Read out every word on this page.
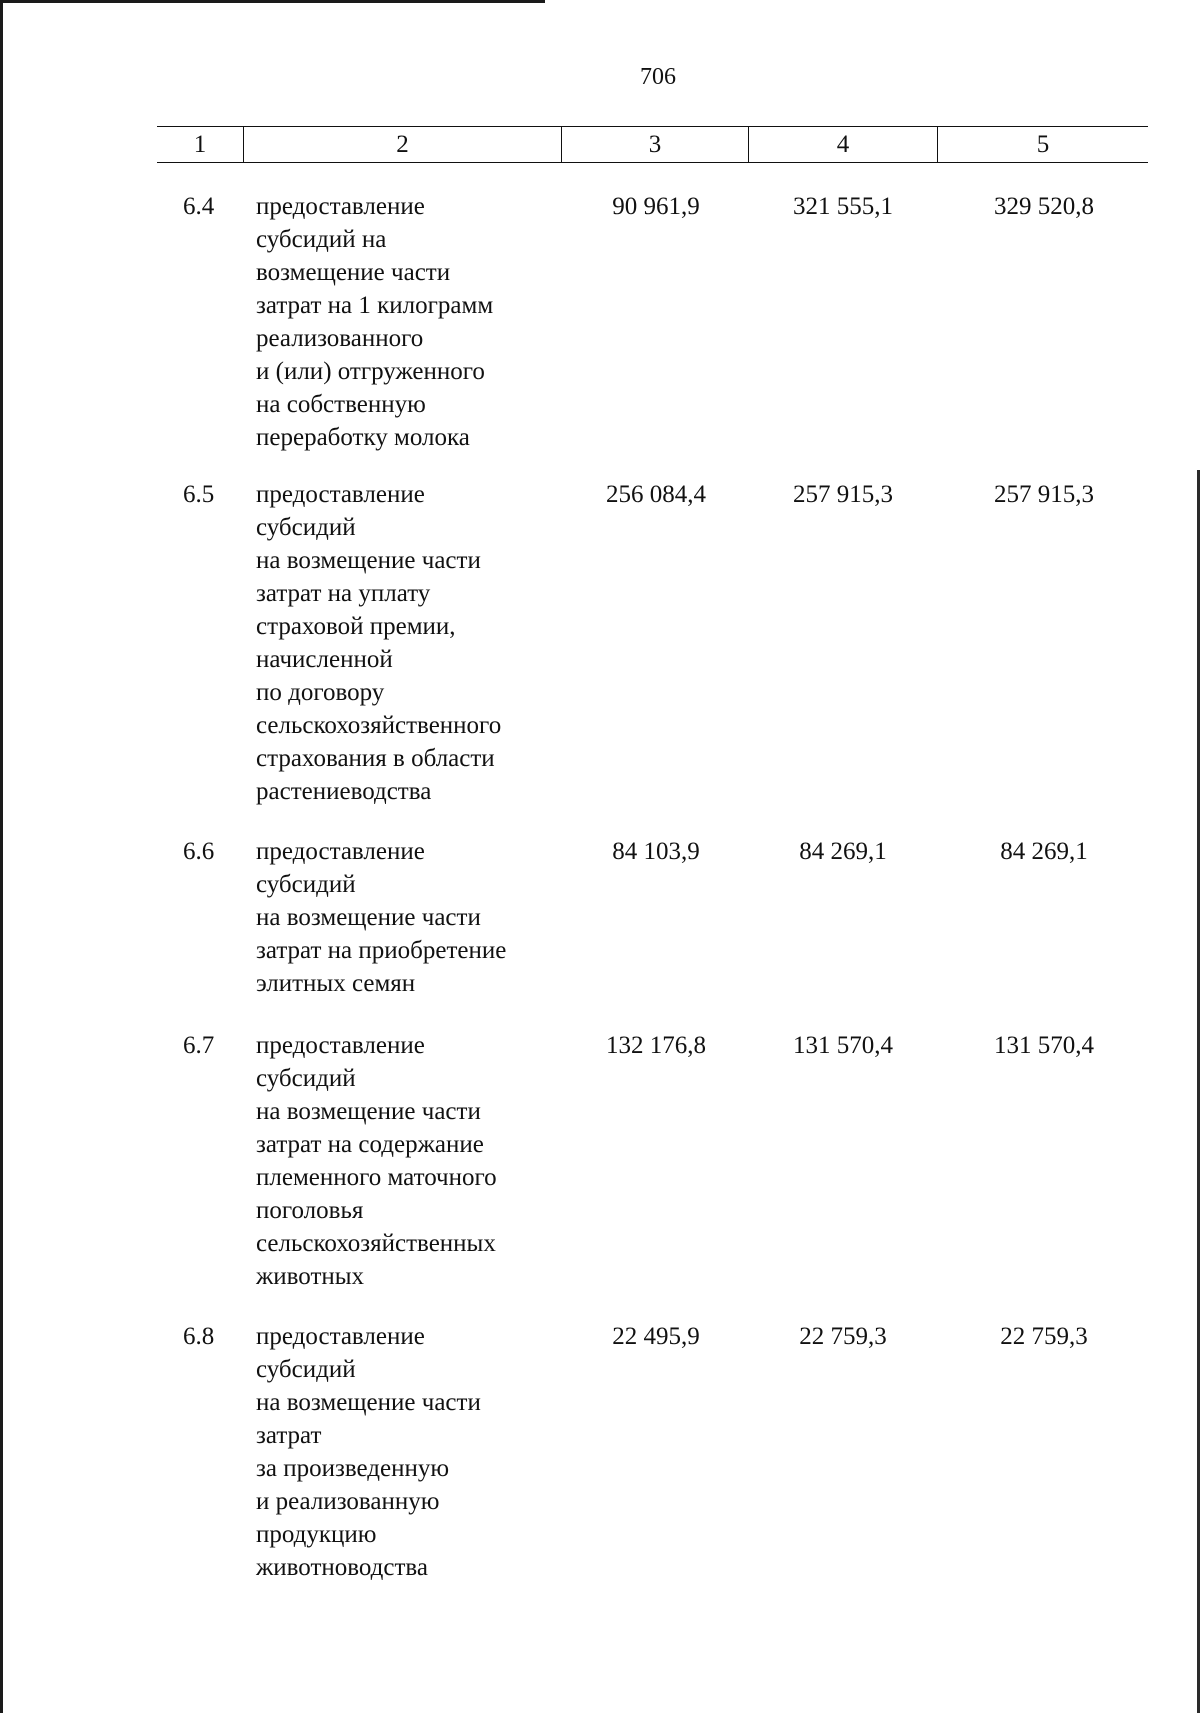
706
1	2	3	4	5
6.4 предоставление
субсидий на
возмещение части
затрат на 1 килограмм
реализованного
и (или) отгруженного
на собственную
переработку молока
90 961,9	321 555,1	329 520,8
6.5 предоставление
субсидий
на возмещение части
затрат на уплату
страховой премии,
начисленной
по договору
сельскохозяйственного
страхования в области
растениеводства
256 084,4	257 915,3	257 915,3
6.6 предоставление
субсидий
на возмещение части
затрат на приобретение
элитных семян
84 103,9	84 269,1	84 269,1
6.7 предоставление
субсидий
на возмещение части
затрат на содержание
племенного маточного
поголовья
сельскохозяйственных
животных
132 176,8	131 570,4	131 570,4
6.8 предоставление
субсидий
на возмещение части
затрат
за произведенную
и реализованную
продукцию
животноводства
22 495,9	22 759,3	22 759,3
